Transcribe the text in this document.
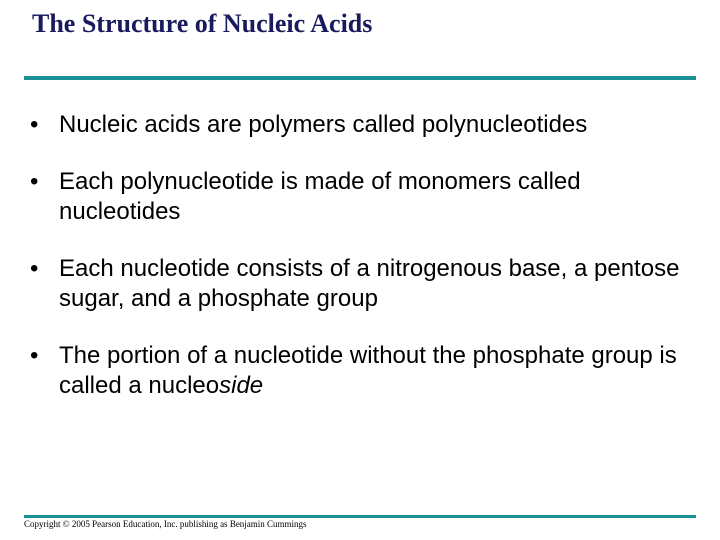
The Structure of Nucleic Acids
• Nucleic acids are polymers called polynucleotides
• Each polynucleotide is made of monomers called nucleotides
• Each nucleotide consists of a nitrogenous base, a pentose sugar, and a phosphate group
• The portion of a nucleotide without the phosphate group is called a nucleoside
Copyright © 2005 Pearson Education, Inc. publishing as Benjamin Cummings
